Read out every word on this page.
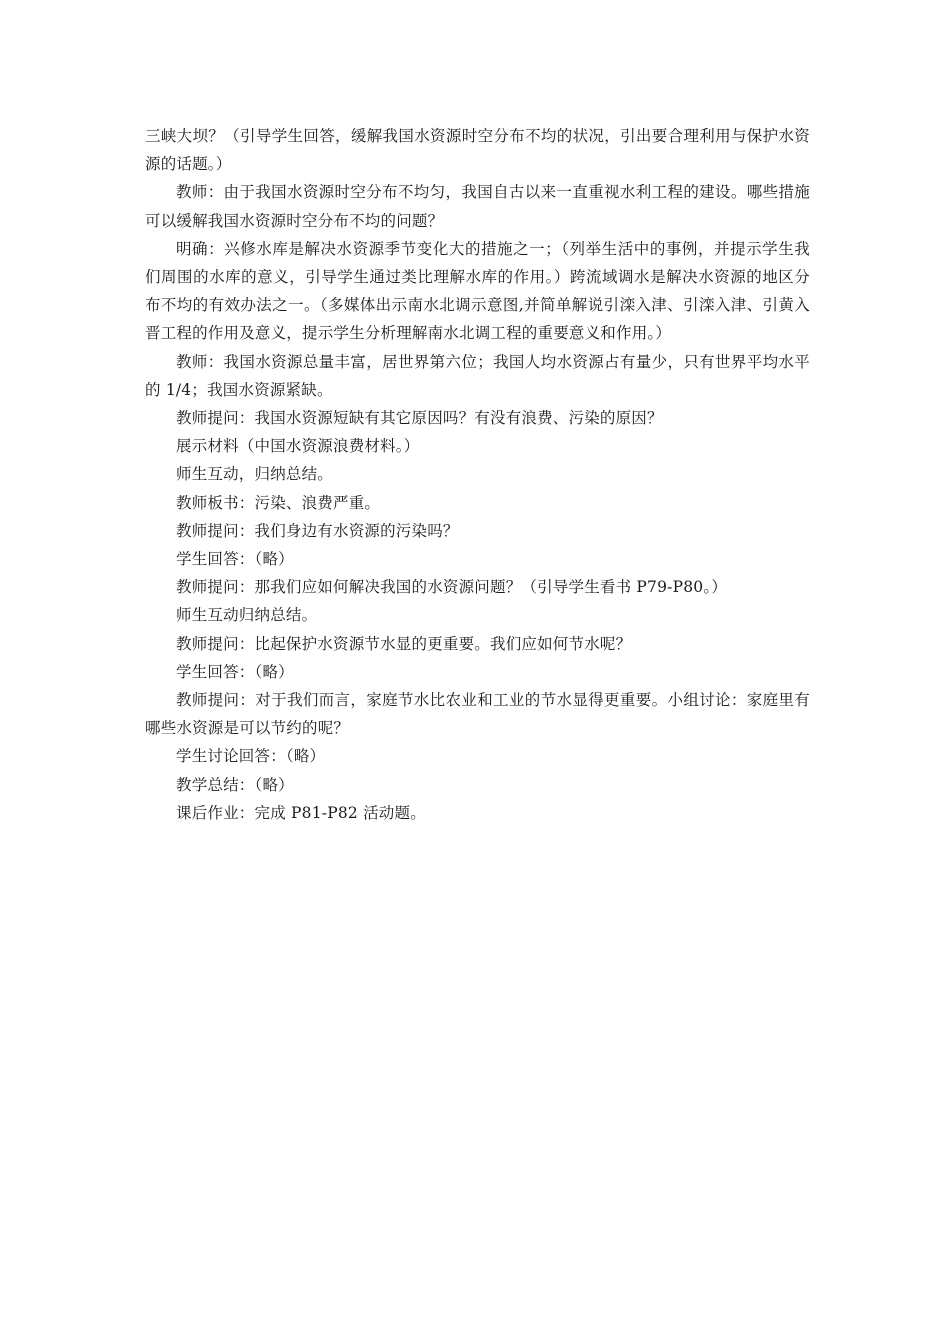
三峡大坝？（引导学生回答，缓解我国水资源时空分布不均的状况，引出要合理利用与保护水资源的话题。）

教师：由于我国水资源时空分布不均匀，我国自古以来一直重视水利工程的建设。哪些措施可以缓解我国水资源时空分布不均的问题？

明确：兴修水库是解决水资源季节变化大的措施之一；（列举生活中的事例，并提示学生我们周围的水库的意义，引导学生通过类比理解水库的作用。）跨流域调水是解决水资源的地区分布不均的有效办法之一。（多媒体出示南水北调示意图,并简单解说引滦入津、引滦入津、引黄入晋工程的作用及意义，提示学生分析理解南水北调工程的重要意义和作用。）

教师：我国水资源总量丰富，居世界第六位；我国人均水资源占有量少，只有世界平均水平的 1/4；我国水资源紧缺。

教师提问：我国水资源短缺有其它原因吗？有没有浪费、污染的原因？

展示材料（中国水资源浪费材料。）

师生互动，归纳总结。

教师板书：污染、浪费严重。

教师提问：我们身边有水资源的污染吗？

学生回答：（略）

教师提问：那我们应如何解决我国的水资源问题？（引导学生看书 P79-P80。）

师生互动归纳总结。

教师提问：比起保护水资源节水显的更重要。我们应如何节水呢？

学生回答：（略）

教师提问：对于我们而言，家庭节水比农业和工业的节水显得更重要。小组讨论：家庭里有哪些水资源是可以节约的呢？

学生讨论回答：（略）

教学总结：（略）

课后作业：完成 P81-P82 活动题。
